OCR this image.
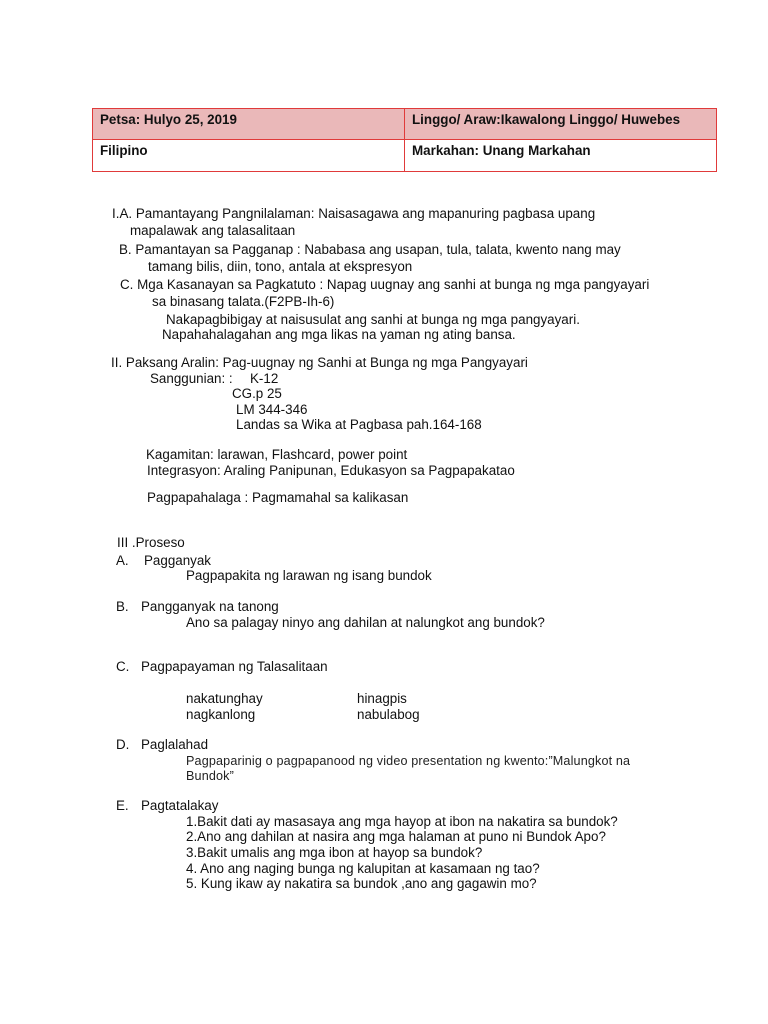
Petsa: Hulyo 25, 2019	Linggo/ Araw:Ikawalong Linggo/ Huwebes
Filipino	Markahan: Unang Markahan
I.A. Pamantayang Pangnilalaman: Naisasagawa ang mapanuring pagbasa upang
mapalawak ang talasalitaan
B. Pamantayan sa Pagganap : Nababasa ang usapan, tula, talata, kwento nang may
tamang bilis, diin, tono, antala at ekspresyon
C. Mga Kasanayan sa Pagkatuto : Napag uugnay ang sanhi at bunga ng mga pangyayari
sa binasang talata.(F2PB-Ih-6)
Nakapagbibigay at naisusulat ang sanhi at bunga ng mga pangyayari.
Napahahalagahan ang mga likas na yaman ng ating bansa.
II. Paksang Aralin: Pag-uugnay ng Sanhi at Bunga ng mga Pangyayari
Sanggunian: : K-12
CG.p 25
LM 344-346
Landas sa Wika at Pagbasa pah.164-168
Kagamitan: larawan, Flashcard, power point
Integrasyon: Araling Panipunan, Edukasyon sa Pagpapakatao
Pagpapahalaga : Pagmamahal sa kalikasan
III .Proseso
A. Pagganyak
Pagpapakita ng larawan ng isang bundok
B. Pangganyak na tanong
Ano sa palagay ninyo ang dahilan at nalungkot ang bundok?
C. Pagpapayaman ng Talasalitaan
nakatunghay	hinagpis
nagkanlong	nabulabog
D. Paglalahad
Pagpaparinig o pagpapanood ng video presentation ng kwento:”Malungkot na
Bundok”
E. Pagtatalakay
1.Bakit dati ay masasaya ang mga hayop at ibon na nakatira sa bundok?
2.Ano ang dahilan at nasira ang mga halaman at puno ni Bundok Apo?
3.Bakit umalis ang mga ibon at hayop sa bundok?
4. Ano ang naging bunga ng kalupitan at kasamaan ng tao?
5. Kung ikaw ay nakatira sa bundok ,ano ang gagawin mo?
